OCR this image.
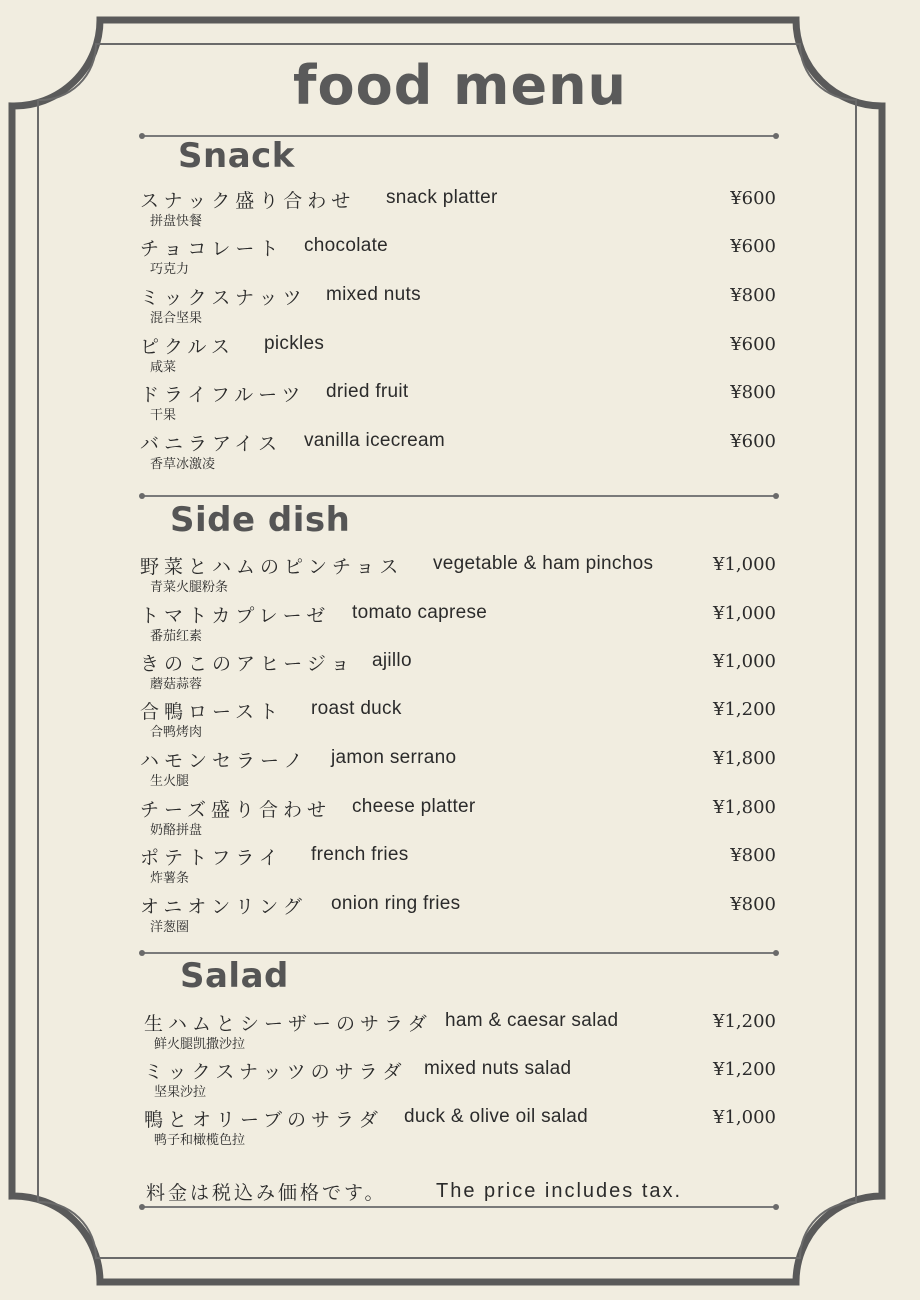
food menu
Snack
スナック盛り合わせ snack platter
拼盘快餐
¥600
チョコレート chocolate
巧克力
¥600
ミックスナッツ mixed nuts
混合坚果
¥800
ピクルス pickles
咸菜
¥600
ドライフルーツ dried fruit
干果
¥800
バニラアイス vanilla icecream
香草冰激凌
¥600
Side dish
野菜とハムのピンチョス vegetable & ham pinchos
青菜火腿粉条
¥1,000
トマトカプレーゼ tomato caprese
番茄红素
¥1,000
きのこのアヒージョ ajillo
蘑菇蒜蓉
¥1,000
合鴨ロースト roast duck
合鸭烤肉
¥1,200
ハモンセラーノ jamon serrano
生火腿
¥1,800
チーズ盛り合わせ cheese platter
奶酪拼盘
¥1,800
ポテトフライ french fries
炸薯条
¥800
オニオンリング onion ring fries
洋葱圈
¥800
Salad
生ハムとシーザーのサラダ ham & caesar salad
鲜火腿凯撒沙拉
¥1,200
ミックスナッツのサラダ mixed nuts salad
坚果沙拉
¥1,200
鴨とオリーブのサラダ duck & olive oil salad
鸭子和橄榄色拉
¥1,000
料金は税込み価格です。 The price includes tax.
